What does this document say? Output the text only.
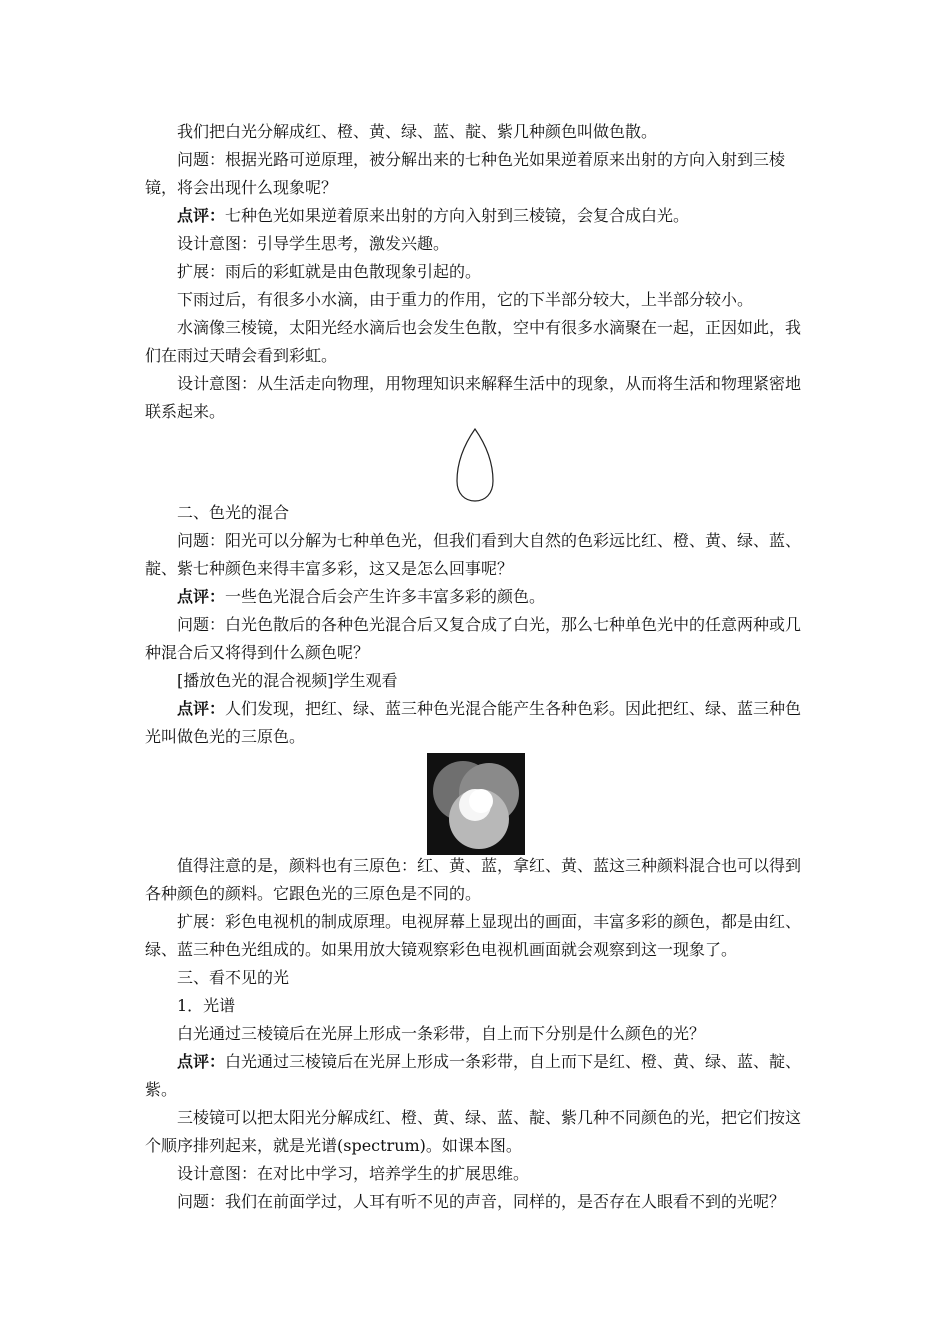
我们把白光分解成红、橙、黄、绿、蓝、靛、紫几种颜色叫做色散。

问题：根据光路可逆原理，被分解出来的七种色光如果逆着原来出射的方向入射到三棱镜，将会出现什么现象呢？

点评：七种色光如果逆着原来出射的方向入射到三棱镜，会复合成白光。

设计意图：引导学生思考，激发兴趣。

扩展：雨后的彩虹就是由色散现象引起的。

下雨过后，有很多小水滴，由于重力的作用，它的下半部分较大，上半部分较小。

水滴像三棱镜，太阳光经水滴后也会发生色散，空中有很多水滴聚在一起，正因如此，我们在雨过天晴会看到彩虹。

设计意图：从生活走向物理，用物理知识来解释生活中的现象，从而将生活和物理紧密地联系起来。

二、色光的混合

问题：阳光可以分解为七种单色光，但我们看到大自然的色彩远比红、橙、黄、绿、蓝、靛、紫七种颜色来得丰富多彩，这又是怎么回事呢？

点评：一些色光混合后会产生许多丰富多彩的颜色。

问题：白光色散后的各种色光混合后又复合成了白光，那么七种单色光中的任意两种或几种混合后又将得到什么颜色呢？

[播放色光的混合视频]学生观看

点评：人们发现，把红、绿、蓝三种色光混合能产生各种色彩。因此把红、绿、蓝三种色光叫做色光的三原色。

值得注意的是，颜料也有三原色：红、黄、蓝，拿红、黄、蓝这三种颜料混合也可以得到各种颜色的颜料。它跟色光的三原色是不同的。

扩展：彩色电视机的制成原理。电视屏幕上显现出的画面，丰富多彩的颜色，都是由红、绿、蓝三种色光组成的。如果用放大镜观察彩色电视机画面就会观察到这一现象了。

三、看不见的光

1．光谱

白光通过三棱镜后在光屏上形成一条彩带，自上而下分别是什么颜色的光？

点评：白光通过三棱镜后在光屏上形成一条彩带，自上而下是红、橙、黄、绿、蓝、靛、紫。

三棱镜可以把太阳光分解成红、橙、黄、绿、蓝、靛、紫几种不同颜色的光，把它们按这个顺序排列起来，就是光谱(spectrum)。如课本图。

设计意图：在对比中学习，培养学生的扩展思维。

问题：我们在前面学过，人耳有听不见的声音，同样的，是否存在人眼看不到的光呢？
